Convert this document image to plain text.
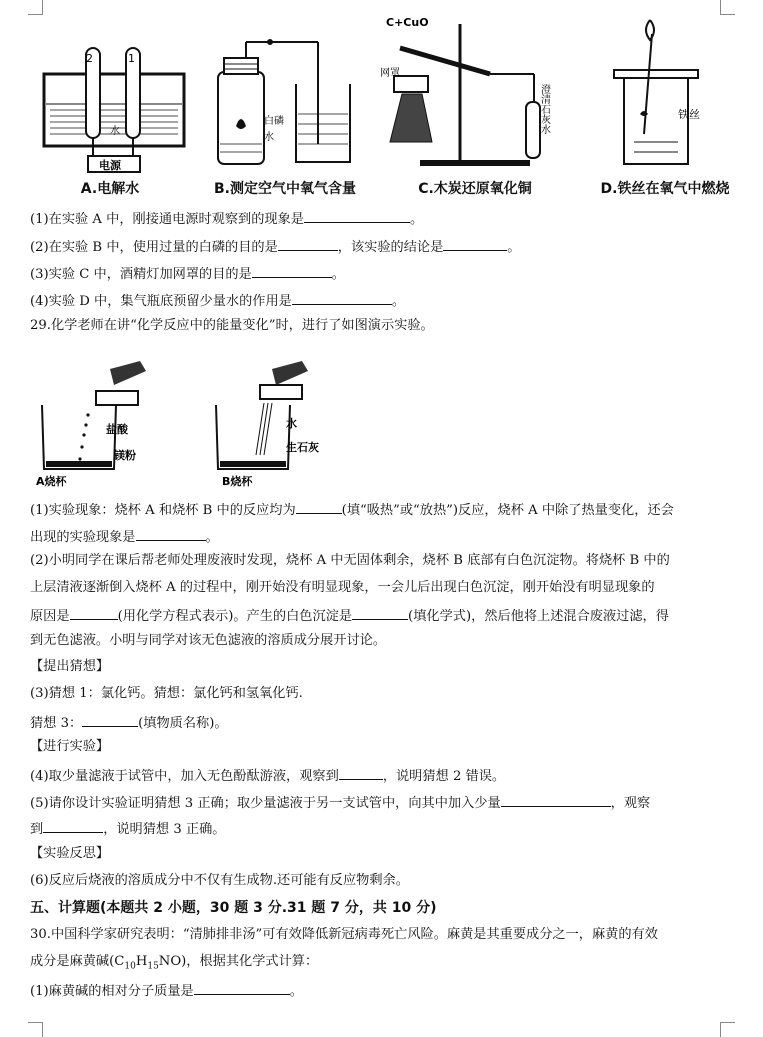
2	1
水
电源
A.电解水
白磷
水
B.测定空气中氧气含量
C+CuO
网罩
澄清石灰水
C.木炭还原氧化铜
铁丝
D.铁丝在氧气中燃烧
(1)在实验 A 中，刚接通电源时观察到的现象是	。
(2)在实验 B 中，使用过量的白磷的目的是	，该实验的结论是	。
(3)实验 C 中，酒精灯加网罩的目的是	。
(4)实验 D 中，集气瓶底预留少量水的作用是	。
29.化学老师在讲“化学反应中的能量变化”时，进行了如图演示实验。
盐酸
镁粉
A烧杯
水
生石灰
B烧杯
(1)实验现象：烧杯 A 和烧杯 B 中的反应均为	(填“吸热”或“放热”)反应，烧杯 A 中除了热量变化，还会
出现的实验现象是	。
(2)小明同学在课后帮老师处理废液时发现，烧杯 A 中无固体剩余，烧杯 B 底部有白色沉淀物。将烧杯 B 中的
上层清液逐渐倒入烧杯 A 的过程中，刚开始没有明显现象，一会儿后出现白色沉淀，刚开始没有明显现象的
原因是	(用化学方程式表示)。产生的白色沉淀是	(填化学式)，然后他将上述混合废液过滤，得
到无色滤液。小明与同学对该无色滤液的溶质成分展开讨论。
【提出猜想】
(3)猜想 1：氯化钙。猜想：氯化钙和氢氧化钙.
猜想 3：	(填物质名称)。
【进行实验】
(4)取少量滤液于试管中，加入无色酚酞游液，观察到	，说明猜想 2 错误。
(5)请你设计实验证明猜想 3 正确；取少量滤液于另一支试管中，向其中加入少量	，观察
到	，说明猜想 3 正确。
【实验反思】
(6)反应后烧液的溶质成分中不仅有生成物.还可能有反应物剩余。
五、计算题(本题共 2 小题，30 题 3 分.31 题 7 分，共 10 分)
30.中国科学家研究表明：“清肺排非汤”可有效降低新冠病毒死亡风险。麻黄是其重要成分之一，麻黄的有效
成分是麻黄碱$(C_{10}H_{15}NO)$，根据其化学式计算：
(1)麻黄碱的相对分子质量是	。
